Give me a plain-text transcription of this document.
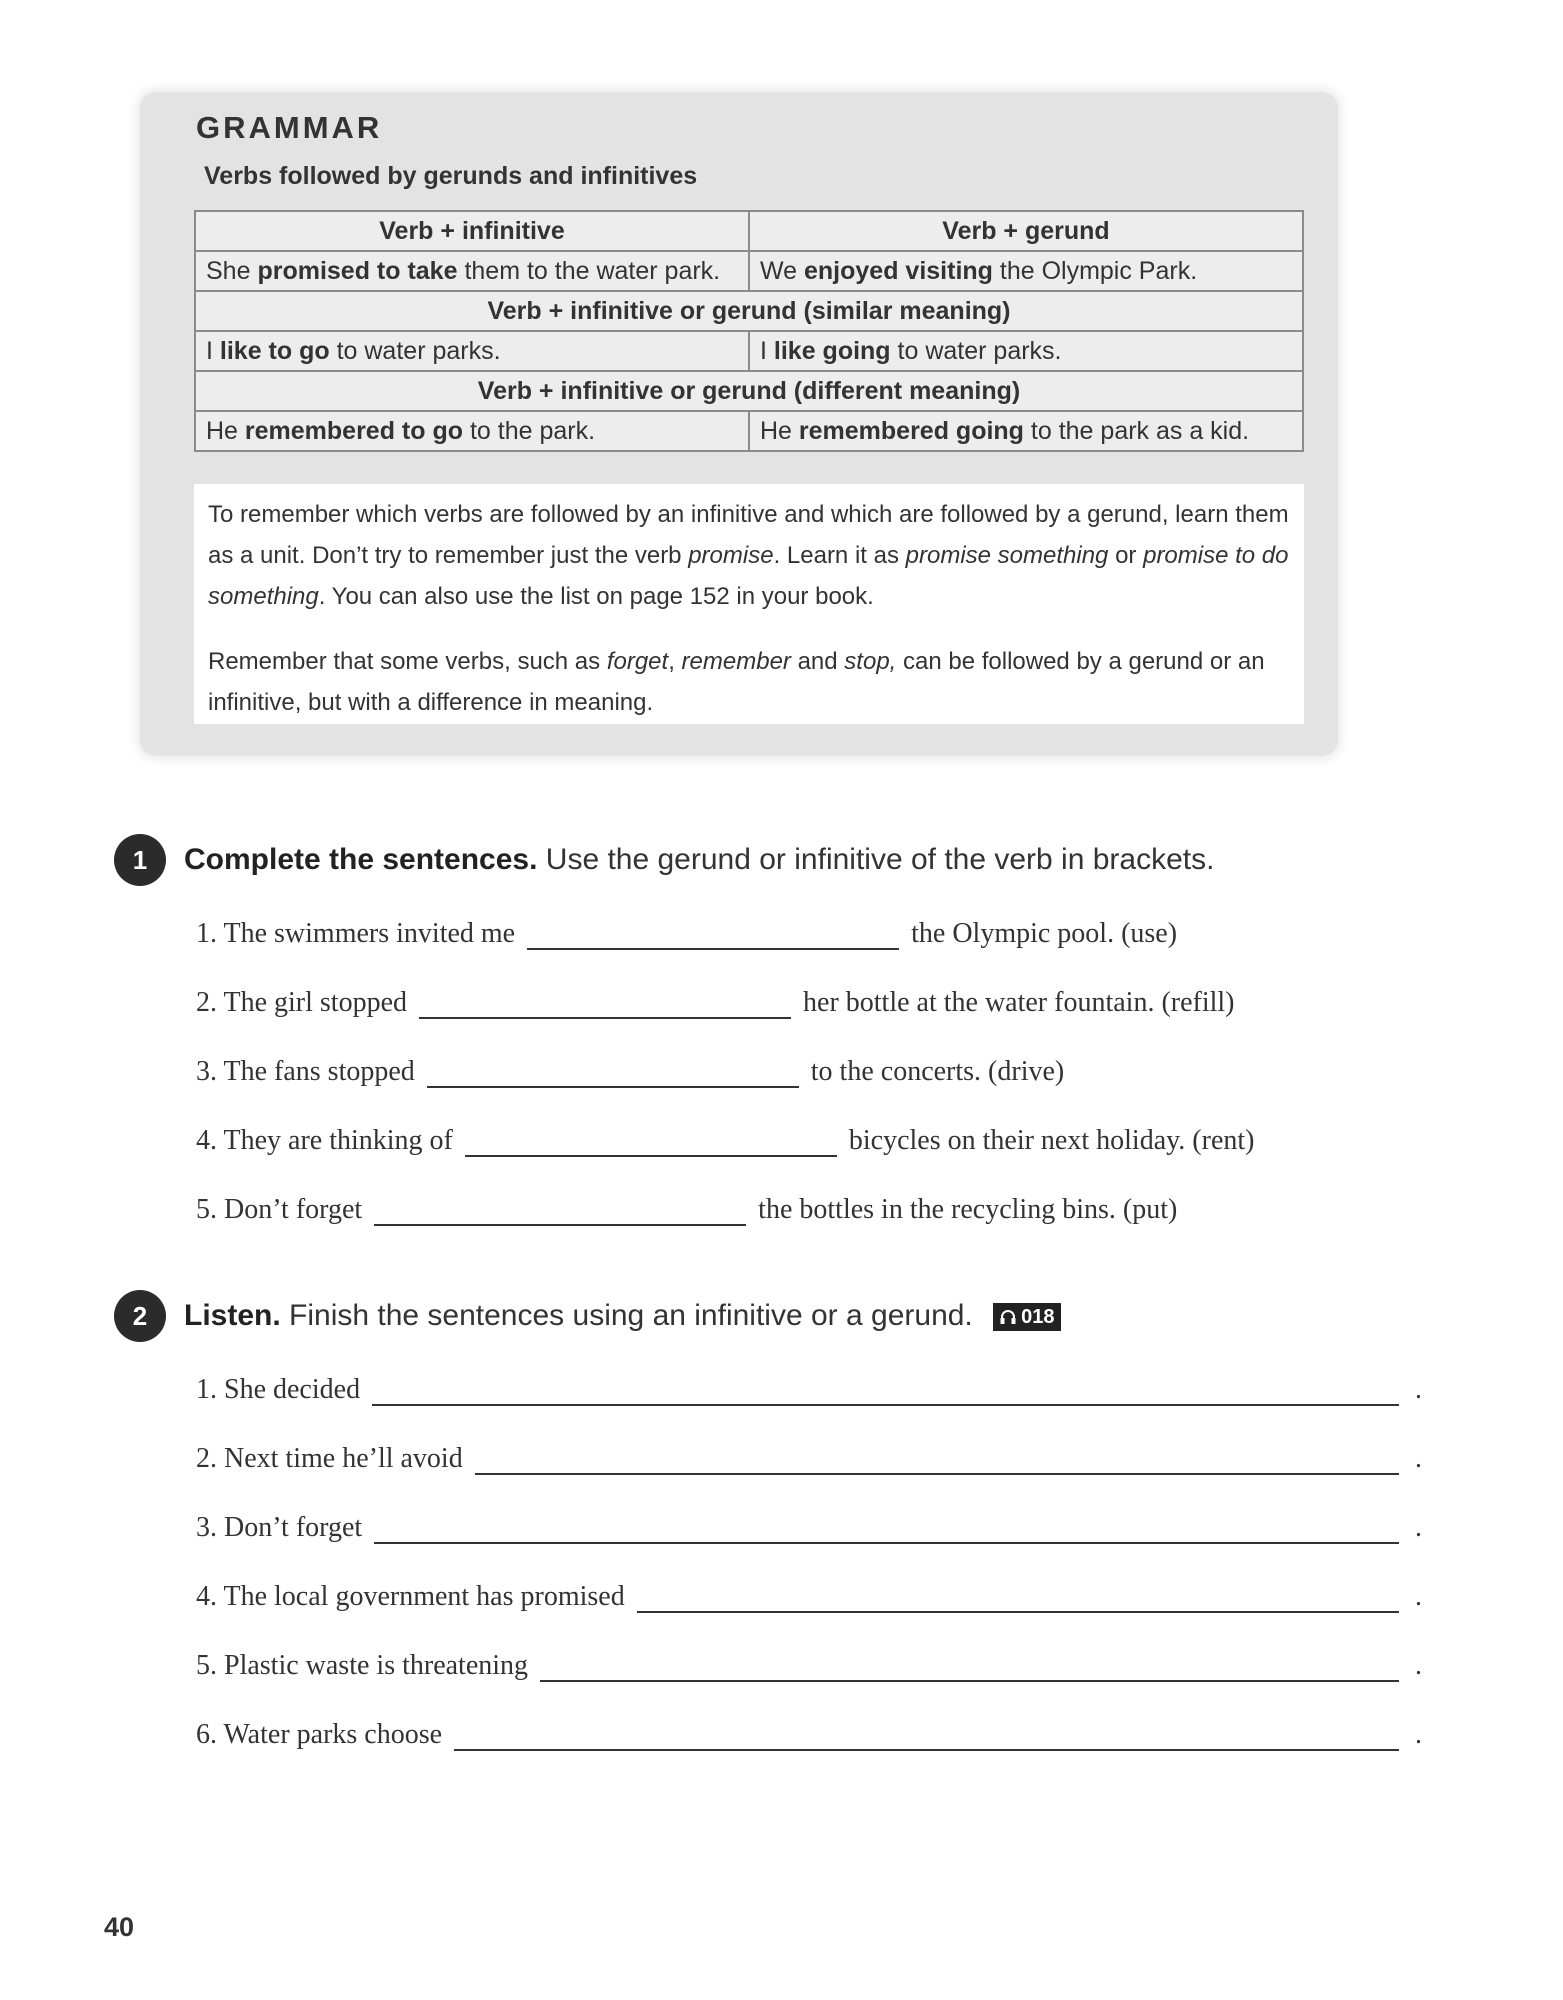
GRAMMAR
Verbs followed by gerunds and infinitives
Verb + infinitive	Verb + gerund
She promised to take them to the water park.	We enjoyed visiting the Olympic Park.
Verb + infinitive or gerund (similar meaning)	
I like to go to water parks.	I like going to water parks.
Verb + infinitive or gerund (different meaning)	
He remembered to go to the park.	He remembered going to the park as a kid.

To remember which verbs are followed by an infinitive and which are followed by a gerund, learn them as a unit. Don’t try to remember just the verb promise. Learn it as promise something or promise to do something. You can also use the list on page 152 in your book.

Remember that some verbs, such as forget, remember and stop, can be followed by a gerund or an infinitive, but with a difference in meaning.

1	Complete the sentences. Use the gerund or infinitive of the verb in brackets.
1. The swimmers invited me	the Olympic pool. (use)
2. The girl stopped	her bottle at the water fountain. (refill)
3. The fans stopped	to the concerts. (drive)
4. They are thinking of	bicycles on their next holiday. (rent)
5. Don’t forget	the bottles in the recycling bins. (put)
2	Listen. Finish the sentences using an infinitive or a gerund. 018
1. She decided	.
2. Next time he’ll avoid	.
3. Don’t forget	.
4. The local government has promised	.
5. Plastic waste is threatening	.
6. Water parks choose	.
40
